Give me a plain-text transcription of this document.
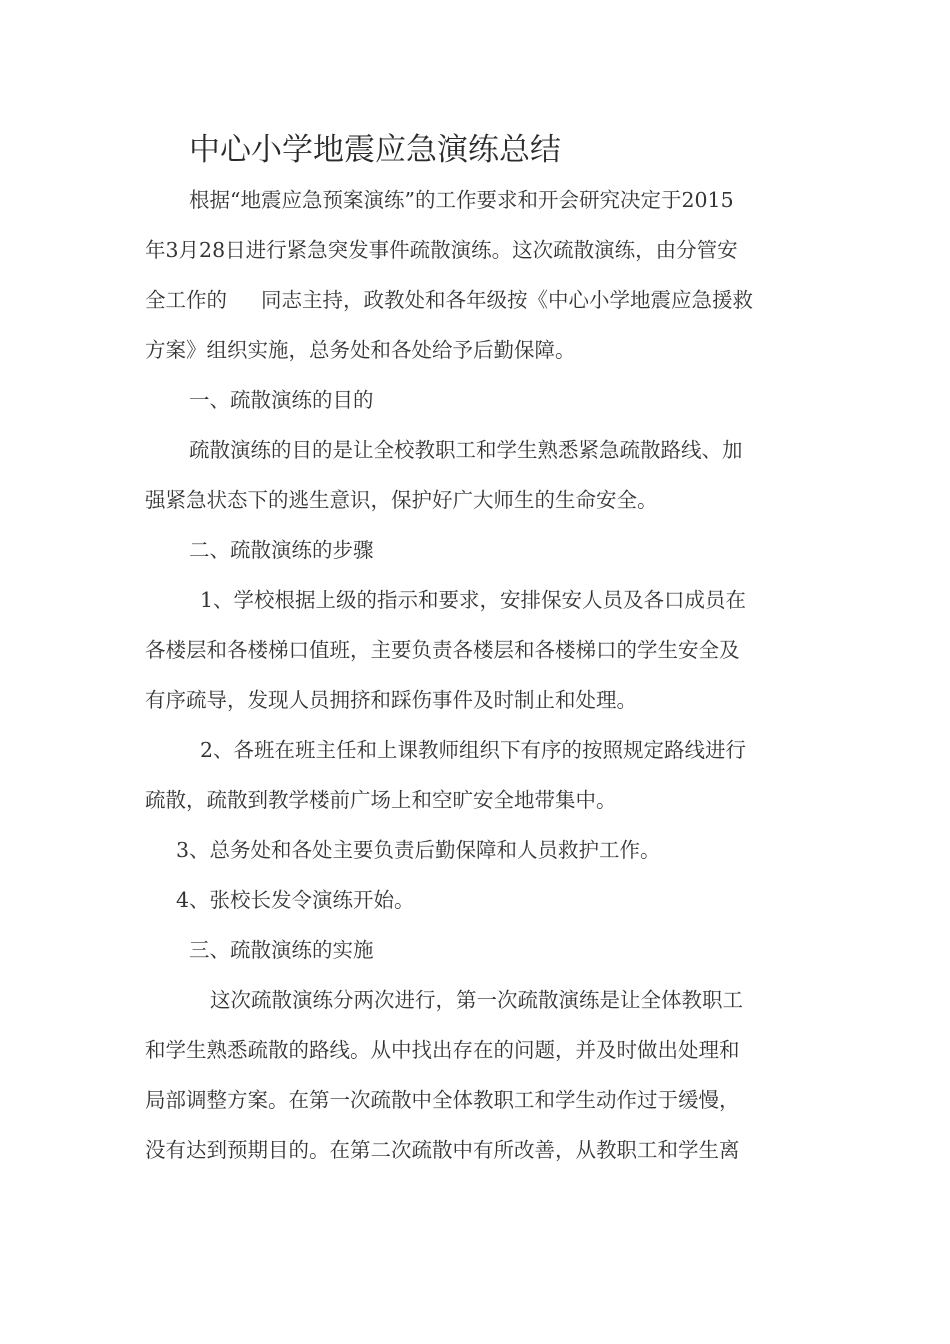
中心小学地震应急演练总结
根据“地震应急预案演练”的工作要求和开会研究决定于2015
年3月28日进行紧急突发事件疏散演练。这次疏散演练，由分管安
全工作的 同志主持，政教处和各年级按《中心小学地震应急援救
方案》组织实施，总务处和各处给予后勤保障。
一、疏散演练的目的
疏散演练的目的是让全校教职工和学生熟悉紧急疏散路线、加
强紧急状态下的逃生意识，保护好广大师生的生命安全。
二、疏散演练的步骤
1、学校根据上级的指示和要求，安排保安人员及各口成员在
各楼层和各楼梯口值班，主要负责各楼层和各楼梯口的学生安全及
有序疏导，发现人员拥挤和踩伤事件及时制止和处理。
2、各班在班主任和上课教师组织下有序的按照规定路线进行
疏散，疏散到教学楼前广场上和空旷安全地带集中。
3、总务处和各处主要负责后勤保障和人员救护工作。
4、张校长发令演练开始。
三、疏散演练的实施
这次疏散演练分两次进行，第一次疏散演练是让全体教职工
和学生熟悉疏散的路线。从中找出存在的问题，并及时做出处理和
局部调整方案。在第一次疏散中全体教职工和学生动作过于缓慢，
没有达到预期目的。在第二次疏散中有所改善，从教职工和学生离
